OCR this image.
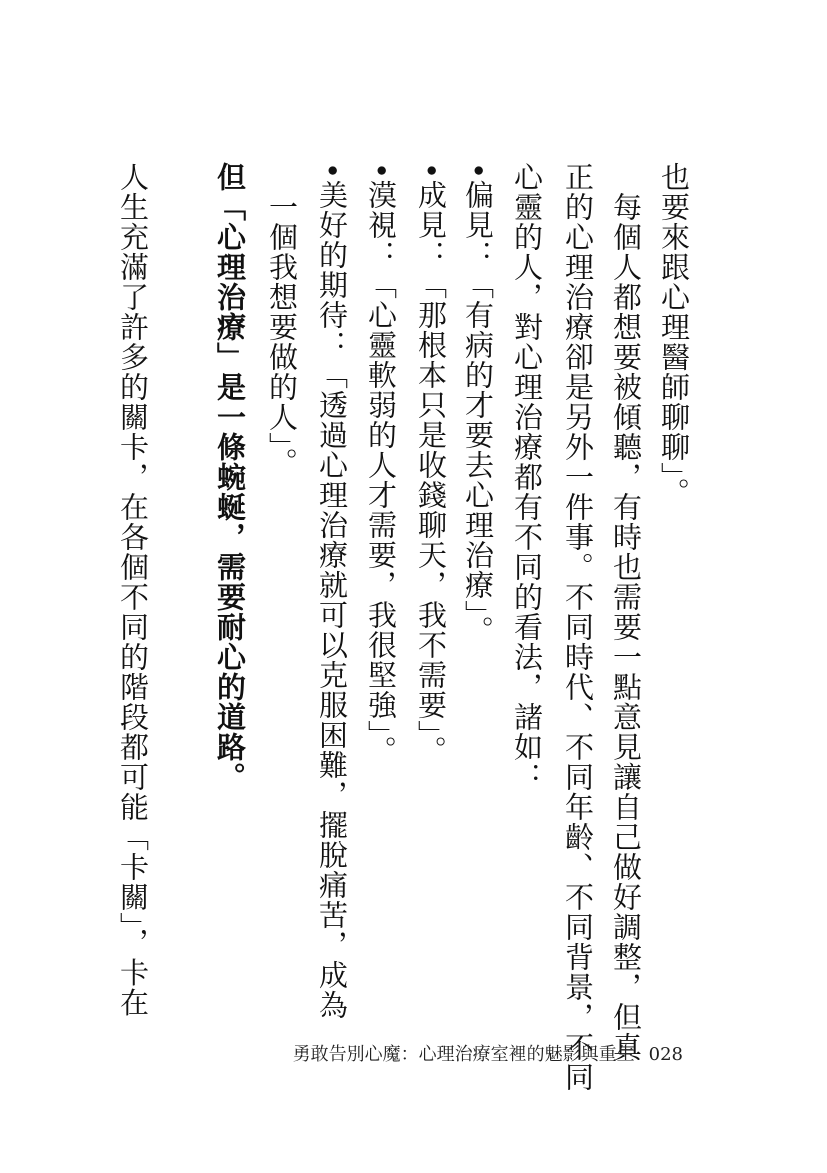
也要來跟心理醫師聊聊」。
　每個人都想要被傾聽，有時也需要一點意見讓自己做好調整，但真
正的心理治療卻是另外一件事。不同時代、不同年齡、不同背景，不同
心靈的人，對心理治療都有不同的看法，諸如：
•偏見：「有病的才要去心理治療」。
•成見：「那根本只是收錢聊天，我不需要」。
•漠視：「心靈軟弱的人才需要，我很堅強」。
•美好的期待：「透過心理治療就可以克服困難，擺脫痛苦，成為
　一個我想要做的人」。
但「心理治療」是一條蜿蜒，需要耐心的道路。
人生充滿了許多的關卡，在各個不同的階段都可能「卡關」，卡在
勇敢告別心魔：心理治療室裡的魅影與重生 028
